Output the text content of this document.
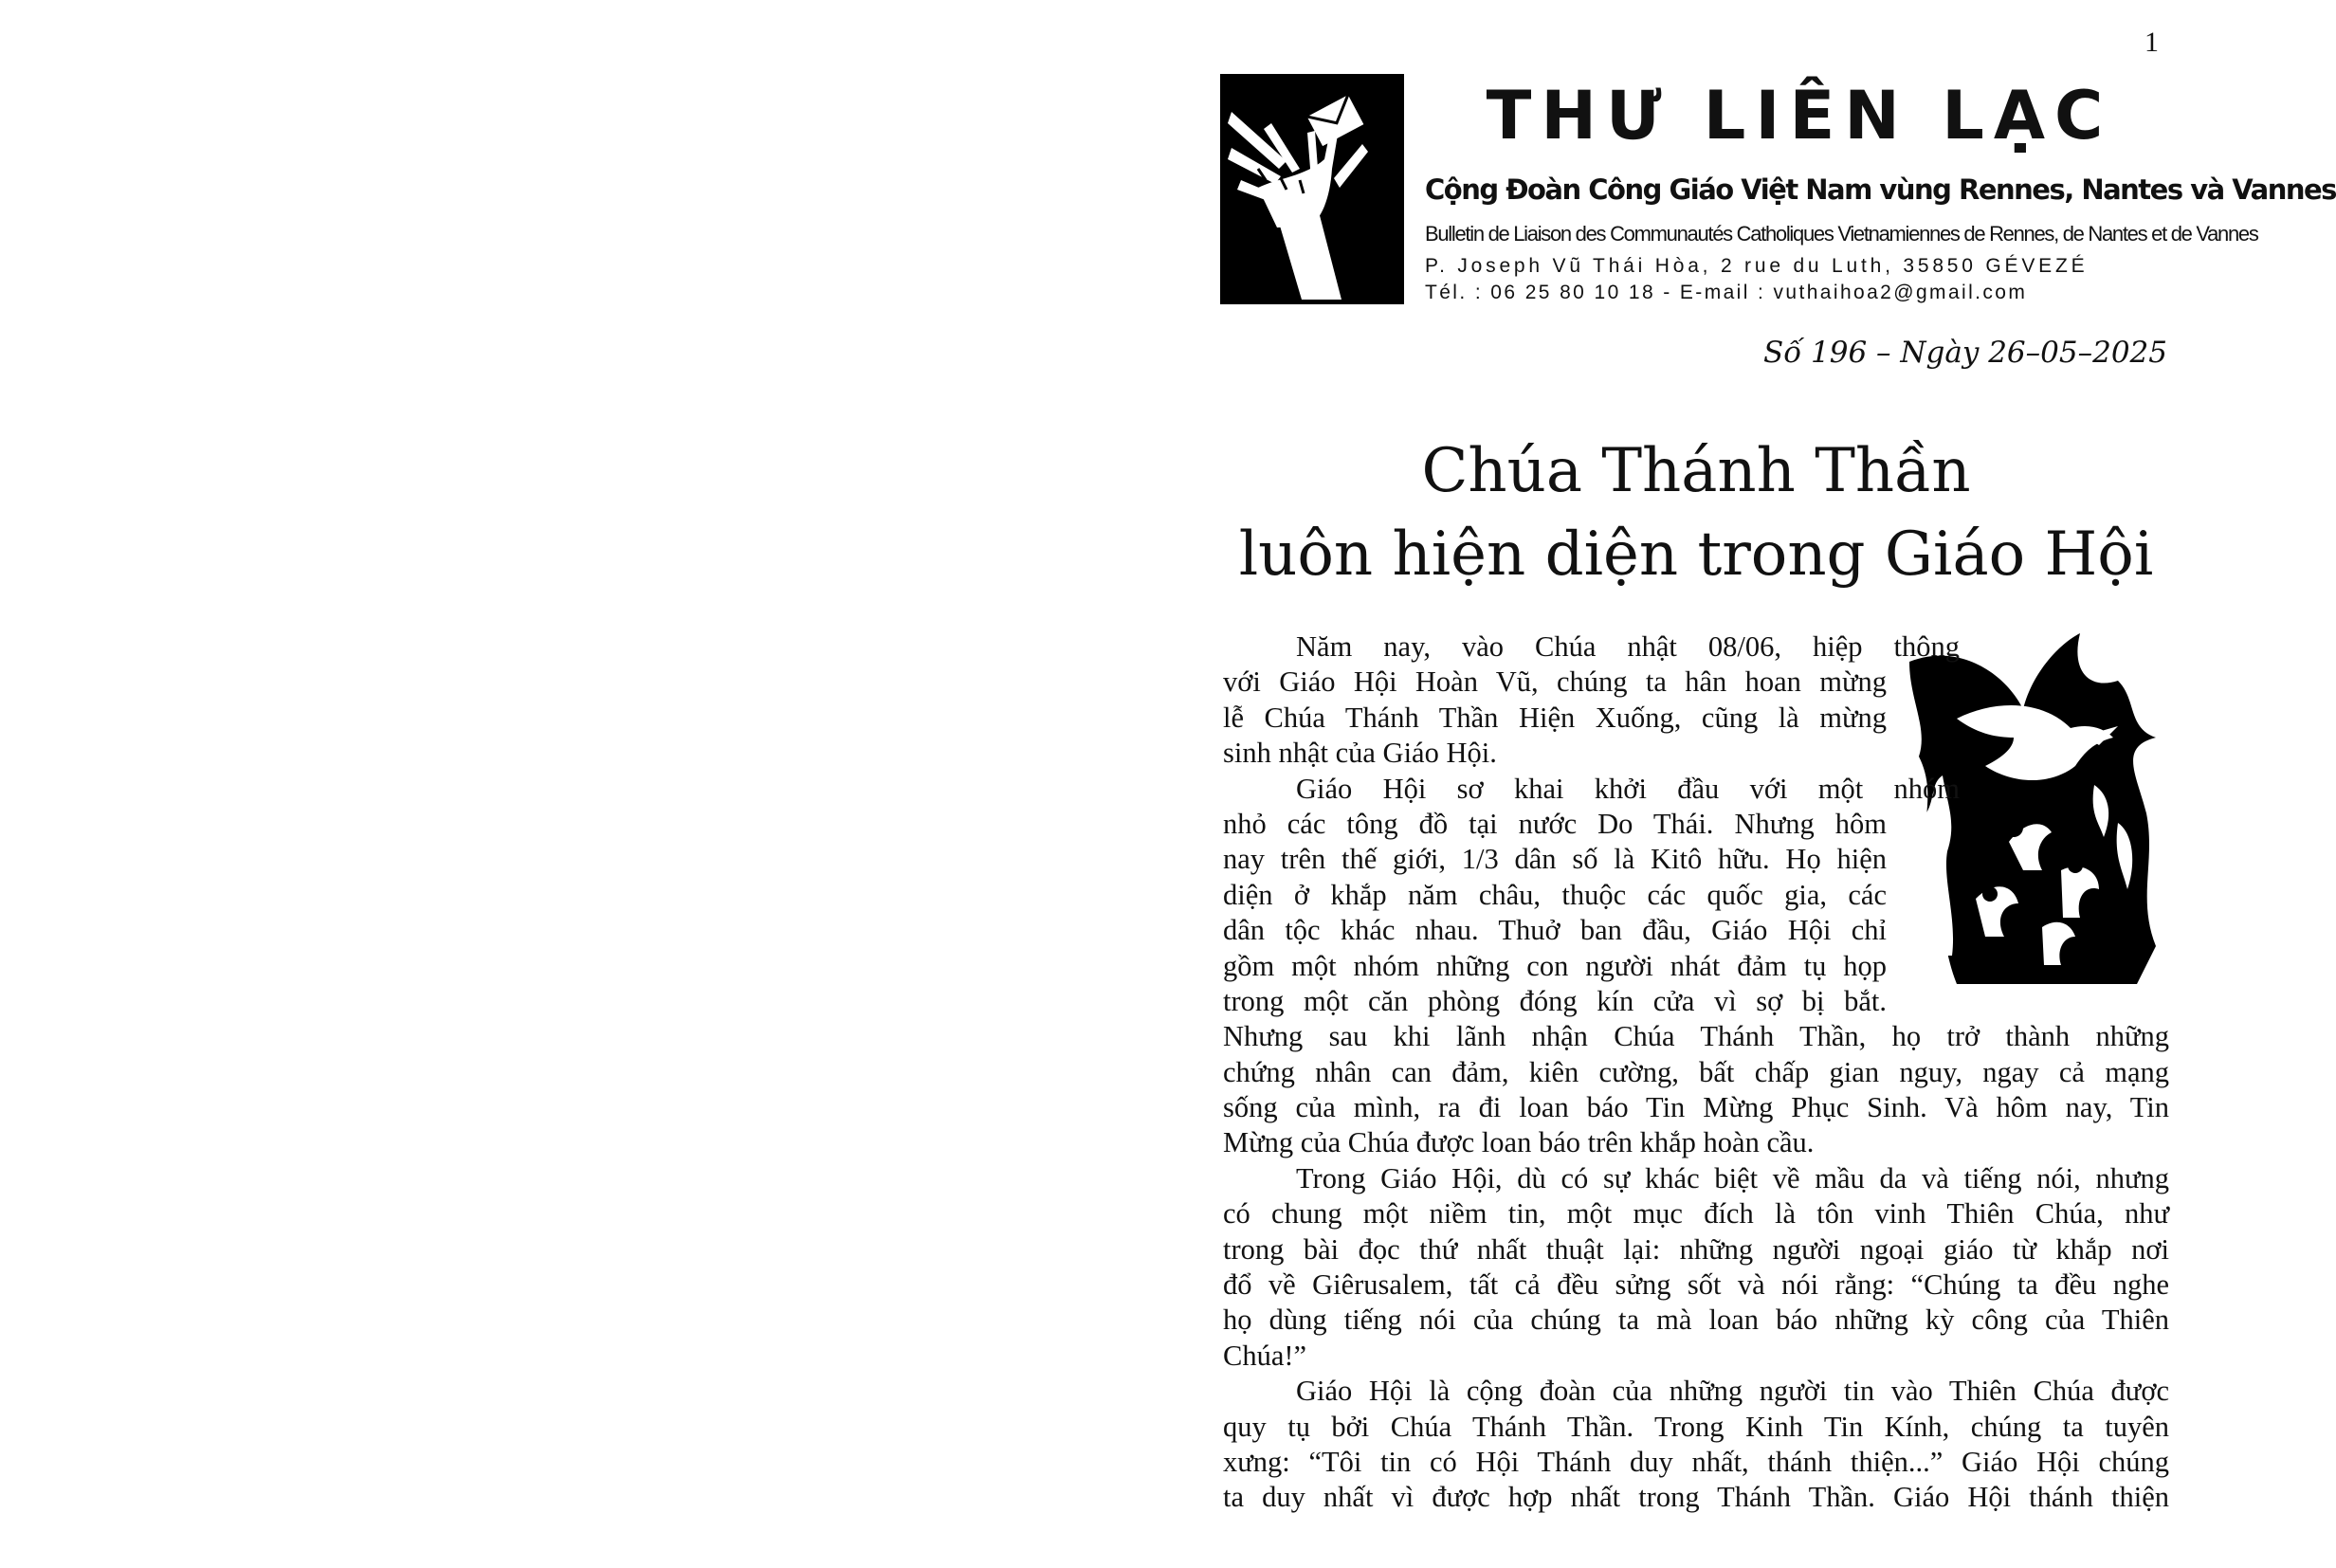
1
THƯ LIÊN LẠC
Cộng Đoàn Công Giáo Việt Nam vùng Rennes, Nantes và Vannes
Bulletin de Liaison des Communautés Catholiques Vietnamiennes de Rennes, de Nantes et de Vannes
P. Joseph Vũ Thái Hòa, 2 rue du Luth, 35850 GÉVEZÉ
Tél. : 06 25 80 10 18 - E-mail : vuthaihoa2@gmail.com
Số 196 – Ngày 26–05–2025
Chúa Thánh Thần
luôn hiện diện trong Giáo Hội
Năm nay, vào Chúa nhật 08/06, hiệp thông
với Giáo Hội Hoàn Vũ, chúng ta hân hoan mừng
lễ Chúa Thánh Thần Hiện Xuống, cũng là mừng
sinh nhật của Giáo Hội.
Giáo Hội sơ khai khởi đầu với một nhóm
nhỏ các tông đồ tại nước Do Thái. Nhưng hôm
nay trên thế giới, 1/3 dân số là Kitô hữu. Họ hiện
diện ở khắp năm châu, thuộc các quốc gia, các
dân tộc khác nhau. Thuở ban đầu, Giáo Hội chỉ
gồm một nhóm những con người nhát đảm tụ họp
trong một căn phòng đóng kín cửa vì sợ bị bắt.
Nhưng sau khi lãnh nhận Chúa Thánh Thần, họ trở thành những
chứng nhân can đảm, kiên cường, bất chấp gian nguy, ngay cả mạng
sống của mình, ra đi loan báo Tin Mừng Phục Sinh. Và hôm nay, Tin
Mừng của Chúa được loan báo trên khắp hoàn cầu.
Trong Giáo Hội, dù có sự khác biệt về mầu da và tiếng nói, nhưng
có chung một niềm tin, một mục đích là tôn vinh Thiên Chúa, như
trong bài đọc thứ nhất thuật lại: những người ngoại giáo từ khắp nơi
đổ về Giêrusalem, tất cả đều sửng sốt và nói rằng: “Chúng ta đều nghe
họ dùng tiếng nói của chúng ta mà loan báo những kỳ công của Thiên
Chúa!”
Giáo Hội là cộng đoàn của những người tin vào Thiên Chúa được
quy tụ bởi Chúa Thánh Thần. Trong Kinh Tin Kính, chúng ta tuyên
xưng: “Tôi tin có Hội Thánh duy nhất, thánh thiện...” Giáo Hội chúng
ta duy nhất vì được hợp nhất trong Thánh Thần. Giáo Hội thánh thiện
